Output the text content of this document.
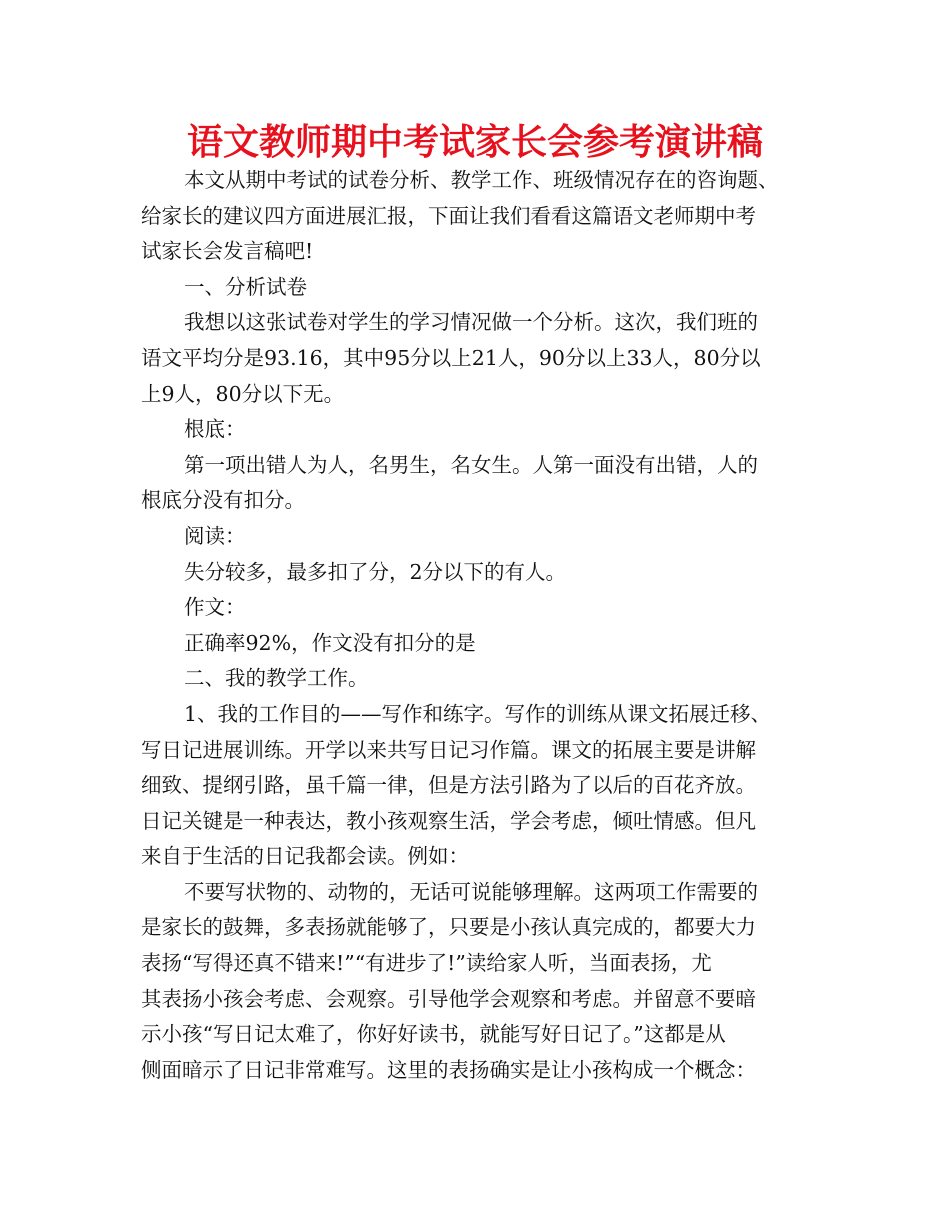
语文教师期中考试家长会参考演讲稿
本文从期中考试的试卷分析、教学工作、班级情况存在的咨询题、
给家长的建议四方面进展汇报，下面让我们看看这篇语文老师期中考
试家长会发言稿吧!
一、分析试卷
我想以这张试卷对学生的学习情况做一个分析。这次，我们班的
语文平均分是93.16，其中95分以上21人，90分以上33人，80分以
上9人，80分以下无。
根底：
第一项出错人为人，名男生，名女生。人第一面没有出错，人的
根底分没有扣分。
阅读：
失分较多，最多扣了分，2分以下的有人。
作文：
正确率92%，作文没有扣分的是
二、我的教学工作。
1、我的工作目的——写作和练字。写作的训练从课文拓展迁移、
写日记进展训练。开学以来共写日记习作篇。课文的拓展主要是讲解
细致、提纲引路，虽千篇一律，但是方法引路为了以后的百花齐放。
日记关键是一种表达，教小孩观察生活，学会考虑，倾吐情感。但凡
来自于生活的日记我都会读。例如：
不要写状物的、动物的，无话可说能够理解。这两项工作需要的
是家长的鼓舞，多表扬就能够了，只要是小孩认真完成的，都要大力
表扬“写得还真不错来!”“有进步了!”读给家人听，当面表扬，尤
其表扬小孩会考虑、会观察。引导他学会观察和考虑。并留意不要暗
示小孩“写日记太难了，你好好读书，就能写好日记了。”这都是从
侧面暗示了日记非常难写。这里的表扬确实是让小孩构成一个概念：
